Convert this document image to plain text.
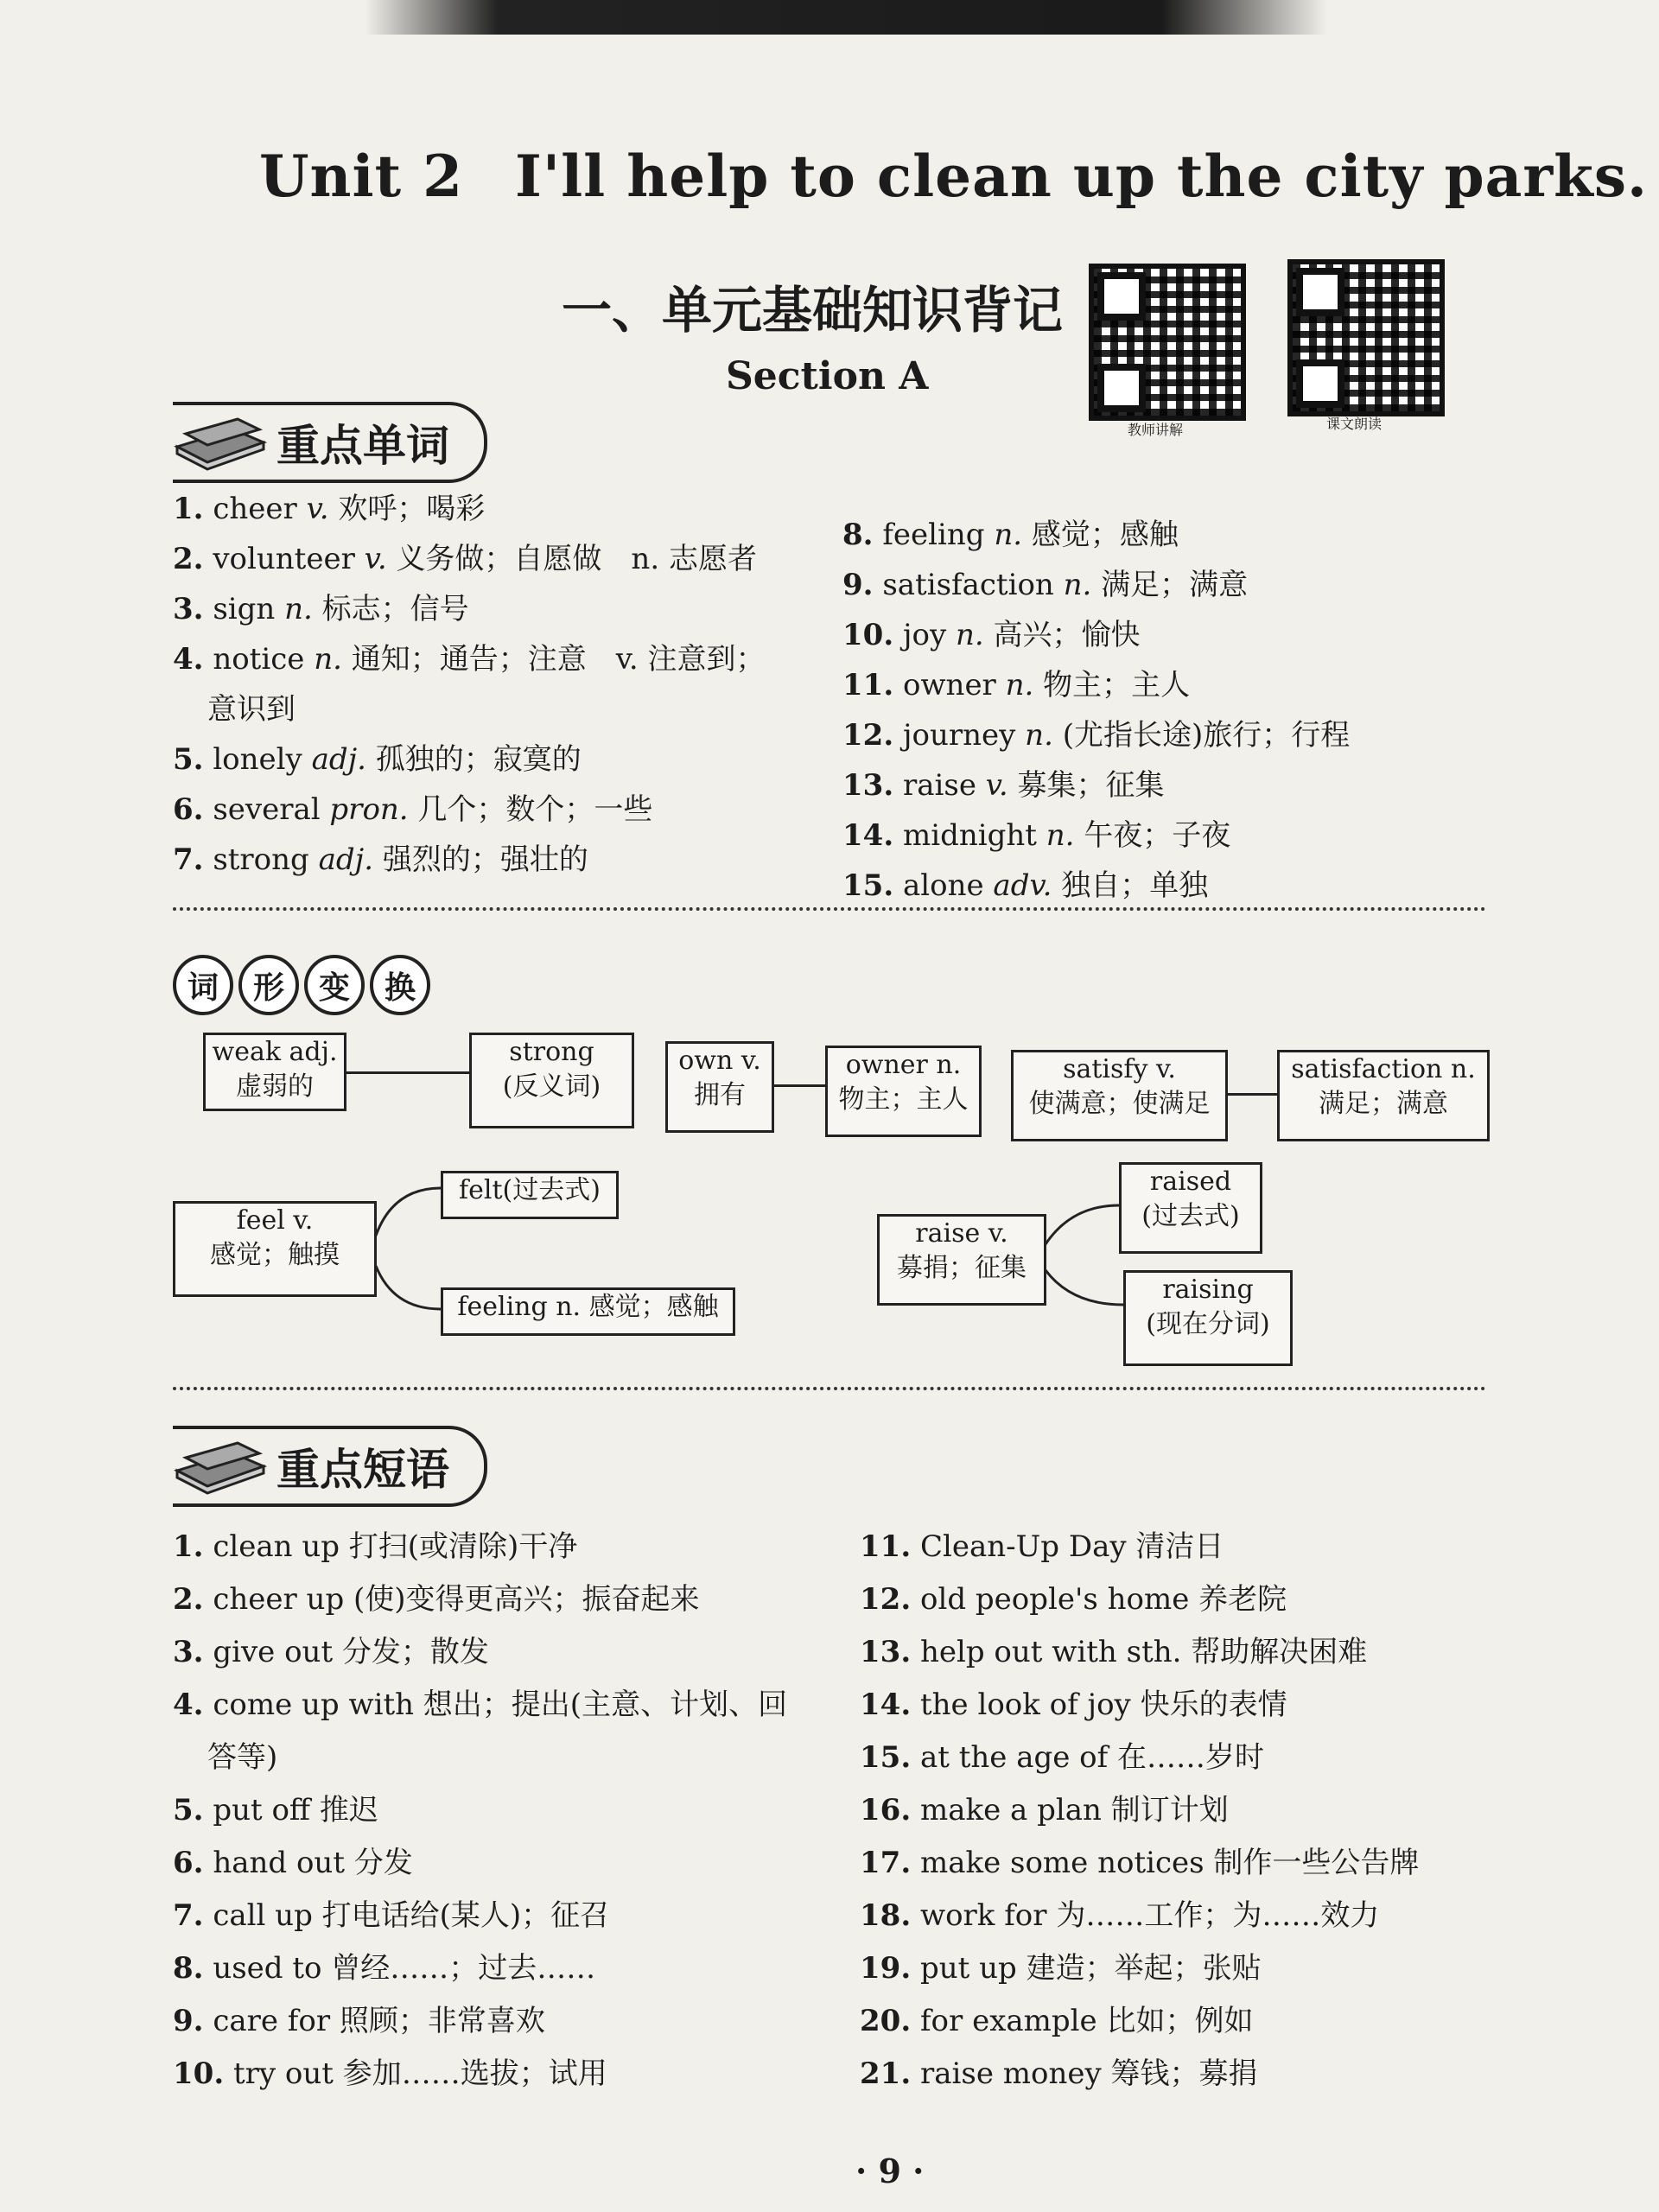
Unit 2 I'll help to clean up the city parks.
一、单元基础知识背记
Section A
教师讲解	课文朗读
重点单词
1. cheer v. 欢呼；喝彩
2. volunteer v. 义务做；自愿做　n. 志愿者
3. sign n. 标志；信号
4. notice n. 通知；通告；注意　v. 注意到；
意识到
5. lonely adj. 孤独的；寂寞的
6. several pron. 几个；数个；一些
7. strong adj. 强烈的；强壮的
8. feeling n. 感觉；感触
9. satisfaction n. 满足；满意
10. joy n. 高兴；愉快
11. owner n. 物主；主人
12. journey n. (尤指长途)旅行；行程
13. raise v. 募集；征集
14. midnight n. 午夜；子夜
15. alone adv. 独自；单独
词	形	变	换
weak adj.
虚弱的
strong
(反义词)
own v.
拥有
owner n.
物主；主人
satisfy v.
使满意；使满足
satisfaction n.
满足；满意
feel v.
感觉；触摸
felt(过去式)
feeling n. 感觉；感触
raise v.
募捐；征集
raised
(过去式)
raising
(现在分词)
重点短语
1. clean up 打扫(或清除)干净
2. cheer up (使)变得更高兴；振奋起来
3. give out 分发；散发
4. come up with 想出；提出(主意、计划、回
答等)
5. put off 推迟
6. hand out 分发
7. call up 打电话给(某人)；征召
8. used to 曾经……；过去……
9. care for 照顾；非常喜欢
10. try out 参加……选拔；试用
11. Clean-Up Day 清洁日
12. old people's home 养老院
13. help out with sth. 帮助解决困难
14. the look of joy 快乐的表情
15. at the age of 在……岁时
16. make a plan 制订计划
17. make some notices 制作一些公告牌
18. work for 为……工作；为……效力
19. put up 建造；举起；张贴
20. for example 比如；例如
21. raise money 筹钱；募捐
· 9 ·
